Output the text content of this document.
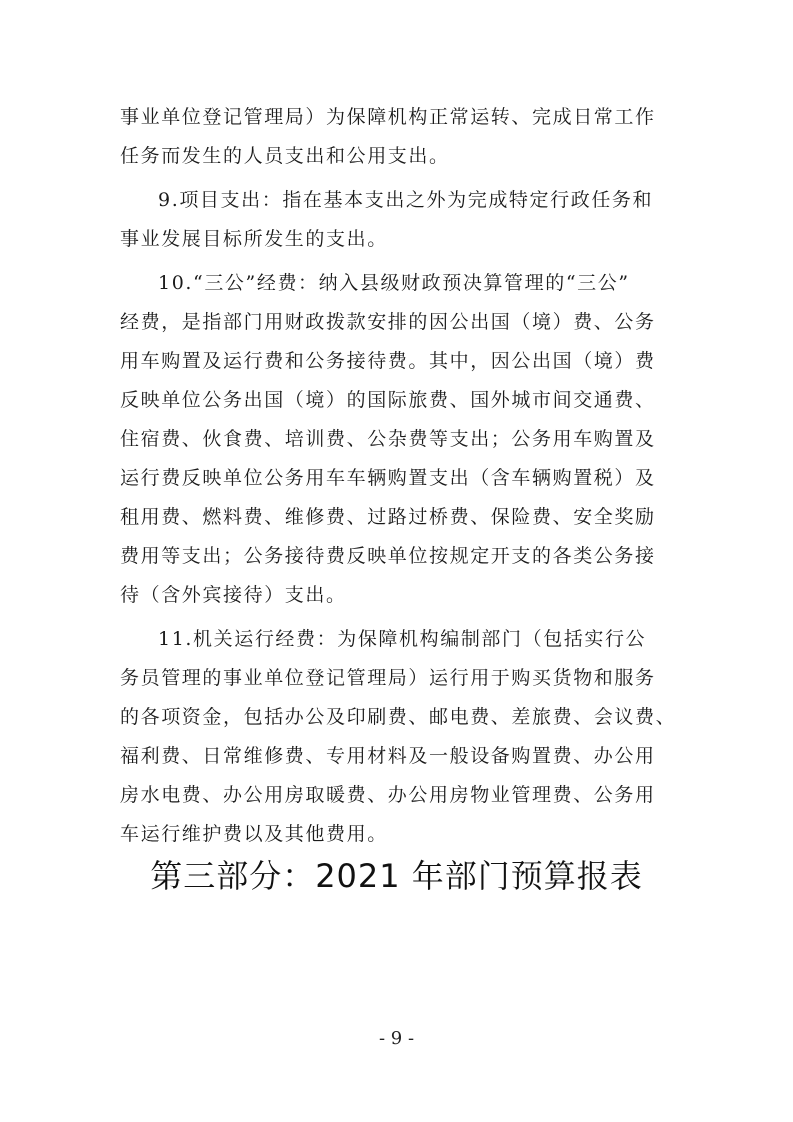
事业单位登记管理局）为保障机构正常运转、完成日常工作
任务而发生的人员支出和公用支出。
9.项目支出：指在基本支出之外为完成特定行政任务和
事业发展目标所发生的支出。
10.“三公”经费：纳入县级财政预决算管理的“三公”
经费，是指部门用财政拨款安排的因公出国（境）费、公务
用车购置及运行费和公务接待费。其中，因公出国（境）费
反映单位公务出国（境）的国际旅费、国外城市间交通费、
住宿费、伙食费、培训费、公杂费等支出；公务用车购置及
运行费反映单位公务用车车辆购置支出（含车辆购置税）及
租用费、燃料费、维修费、过路过桥费、保险费、安全奖励
费用等支出；公务接待费反映单位按规定开支的各类公务接
待（含外宾接待）支出。
11.机关运行经费：为保障机构编制部门（包括实行公
务员管理的事业单位登记管理局）运行用于购买货物和服务
的各项资金，包括办公及印刷费、邮电费、差旅费、会议费、
福利费、日常维修费、专用材料及一般设备购置费、办公用
房水电费、办公用房取暖费、办公用房物业管理费、公务用
车运行维护费以及其他费用。
第三部分：2021 年部门预算报表
- 9 -
